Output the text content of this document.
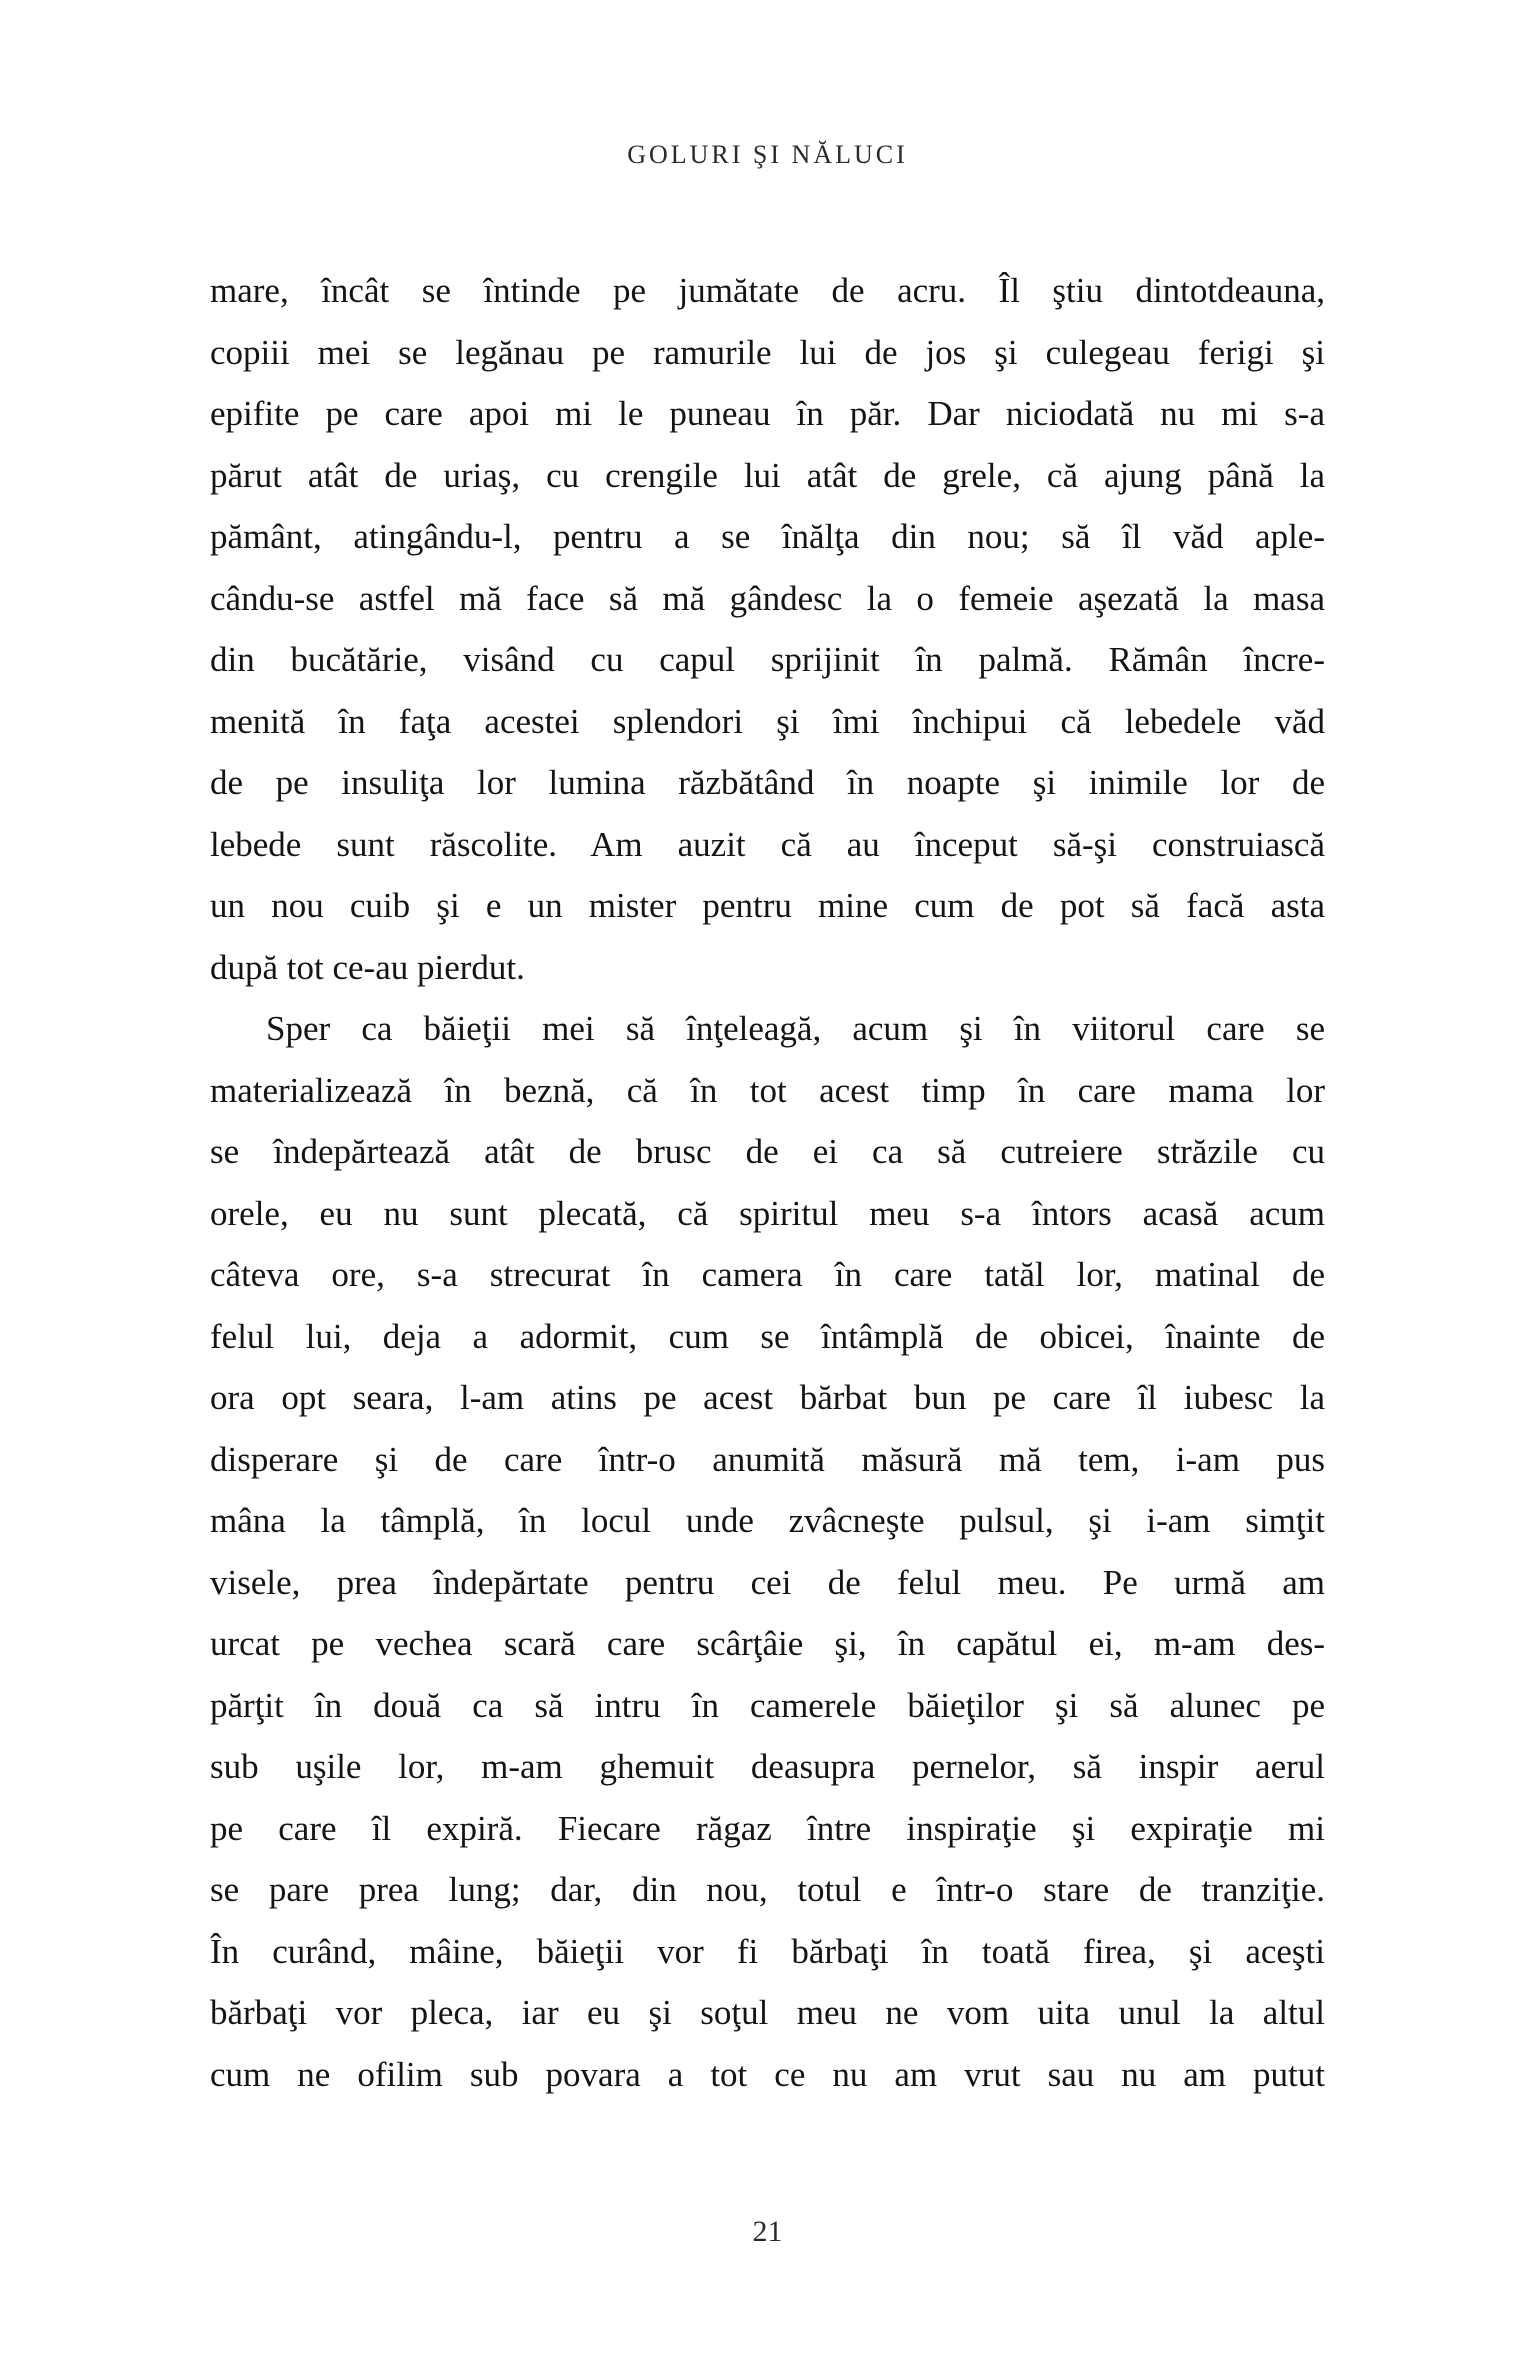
GOLURI ŞI NĂLUCI
mare, încât se întinde pe jumătate de acru. Îl ştiu dintotdeauna,
copiii mei se legănau pe ramurile lui de jos şi culegeau ferigi şi
epifite pe care apoi mi le puneau în păr. Dar niciodată nu mi s-a
părut atât de uriaş, cu crengile lui atât de grele, că ajung până la
pământ, atingându-l, pentru a se înălţa din nou; să îl văd aple-
cându-se astfel mă face să mă gândesc la o femeie aşezată la masa
din bucătărie, visând cu capul sprijinit în palmă. Rămân încre-
menită în faţa acestei splendori şi îmi închipui că lebedele văd
de pe insuliţa lor lumina răzbătând în noapte şi inimile lor de
lebede sunt răscolite. Am auzit că au început să-şi construiască
un nou cuib şi e un mister pentru mine cum de pot să facă asta
după tot ce-au pierdut.
Sper ca băieţii mei să înţeleagă, acum şi în viitorul care se
materializează în beznă, că în tot acest timp în care mama lor
se îndepărtează atât de brusc de ei ca să cutreiere străzile cu
orele, eu nu sunt plecată, că spiritul meu s-a întors acasă acum
câteva ore, s-a strecurat în camera în care tatăl lor, matinal de
felul lui, deja a adormit, cum se întâmplă de obicei, înainte de
ora opt seara, l-am atins pe acest bărbat bun pe care îl iubesc la
disperare şi de care într-o anumită măsură mă tem, i-am pus
mâna la tâmplă, în locul unde zvâcneşte pulsul, şi i-am simţit
visele, prea îndepărtate pentru cei de felul meu. Pe urmă am
urcat pe vechea scară care scârţâie şi, în capătul ei, m-am des-
părţit în două ca să intru în camerele băieţilor şi să alunec pe
sub uşile lor, m-am ghemuit deasupra pernelor, să inspir aerul
pe care îl expiră. Fiecare răgaz între inspiraţie şi expiraţie mi
se pare prea lung; dar, din nou, totul e într-o stare de tranziţie.
În curând, mâine, băieţii vor fi bărbaţi în toată firea, şi aceşti
bărbaţi vor pleca, iar eu şi soţul meu ne vom uita unul la altul
cum ne ofilim sub povara a tot ce nu am vrut sau nu am putut
21
